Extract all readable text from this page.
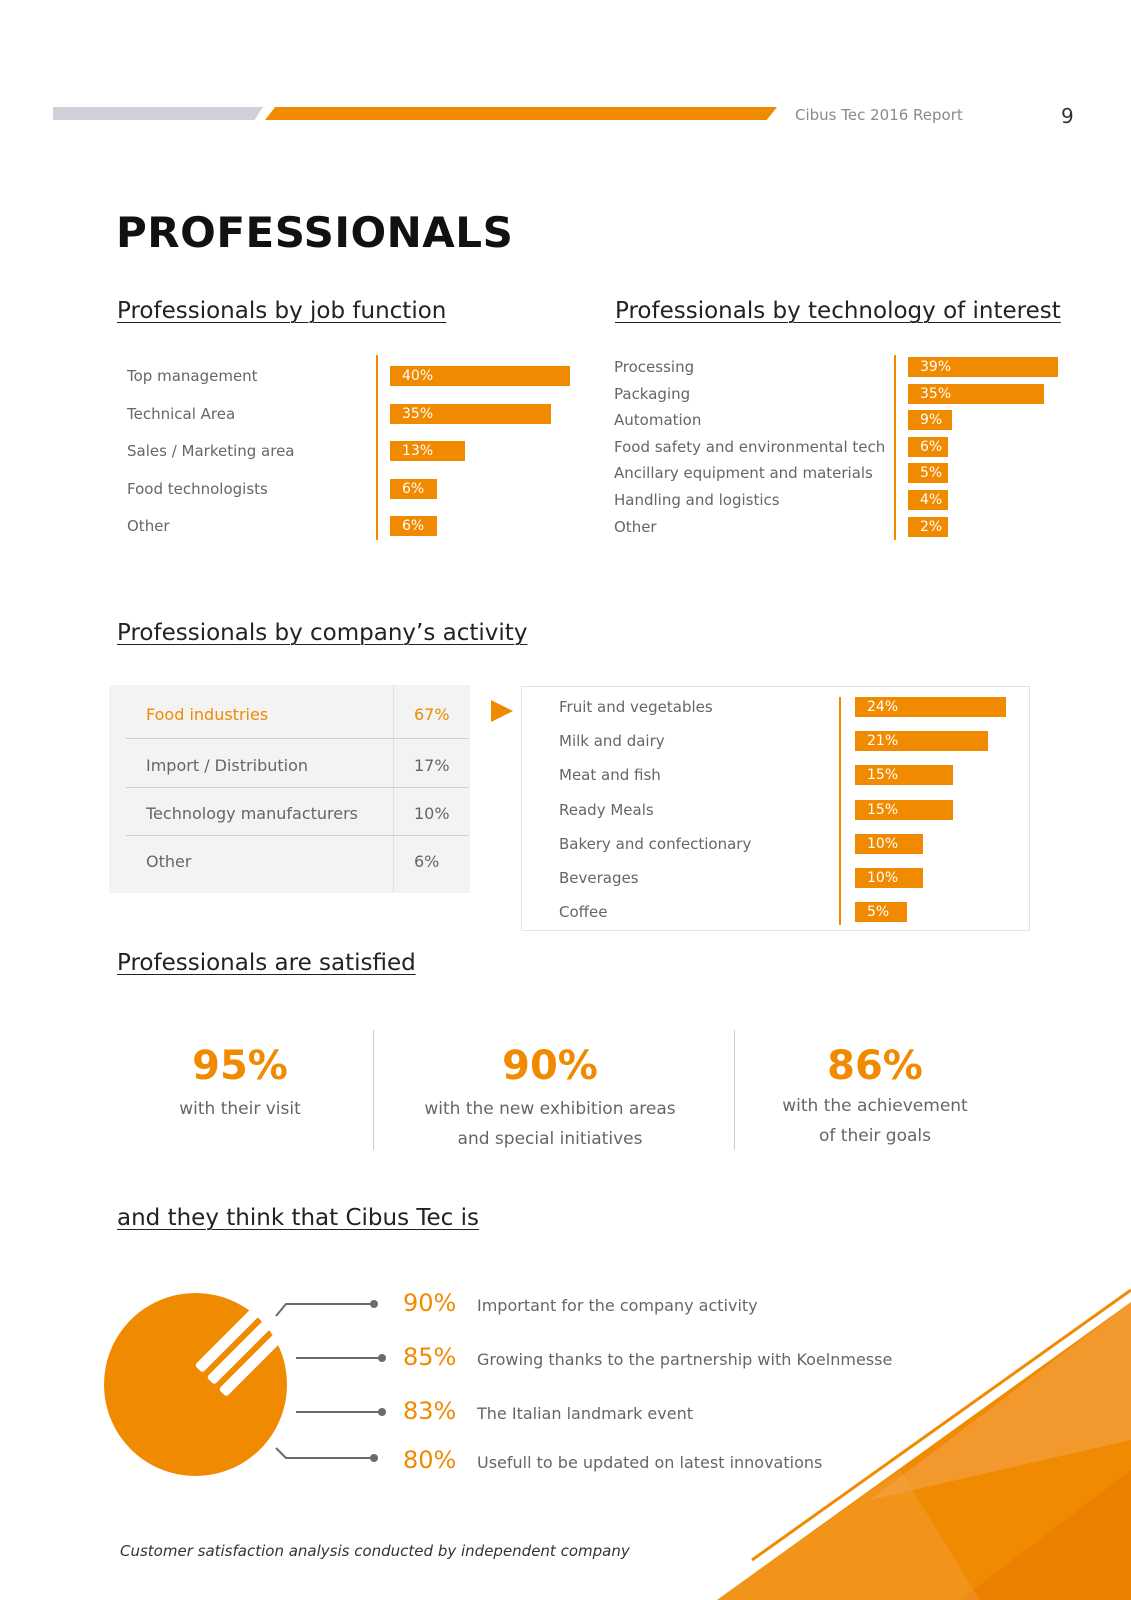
Cibus Tec 2016 Report	9
PROFESSIONALS
Professionals by job function
Top management	40%
Technical Area	35%
Sales / Marketing area	13%
Food technologists	6%
Other	6%
Professionals by technology of interest
Processing	39%
Packaging	35%
Automation	9%
Food safety and environmental tech	6%
Ancillary equipment and materials	5%
Handling and logistics	4%
Other	2%
Professionals by company’s activity
Food industries	67%
Import / Distribution	17%
Technology manufacturers	10%
Other	6%
Fruit and vegetables	24%
Milk and dairy	21%
Meat and fish	15%
Ready Meals	15%
Bakery and confectionary	10%
Beverages	10%
Coffee	5%
Professionals are satisfied
95%
with their visit
90%
with the new exhibition areas
and special initiatives
86%
with the achievement
of their goals
and they think that Cibus Tec is
90% Important for the company activity
85% Growing thanks to the partnership with Koelnmesse
83% The Italian landmark event
80% Usefull to be updated on latest innovations
Customer satisfaction analysis conducted by independent company
